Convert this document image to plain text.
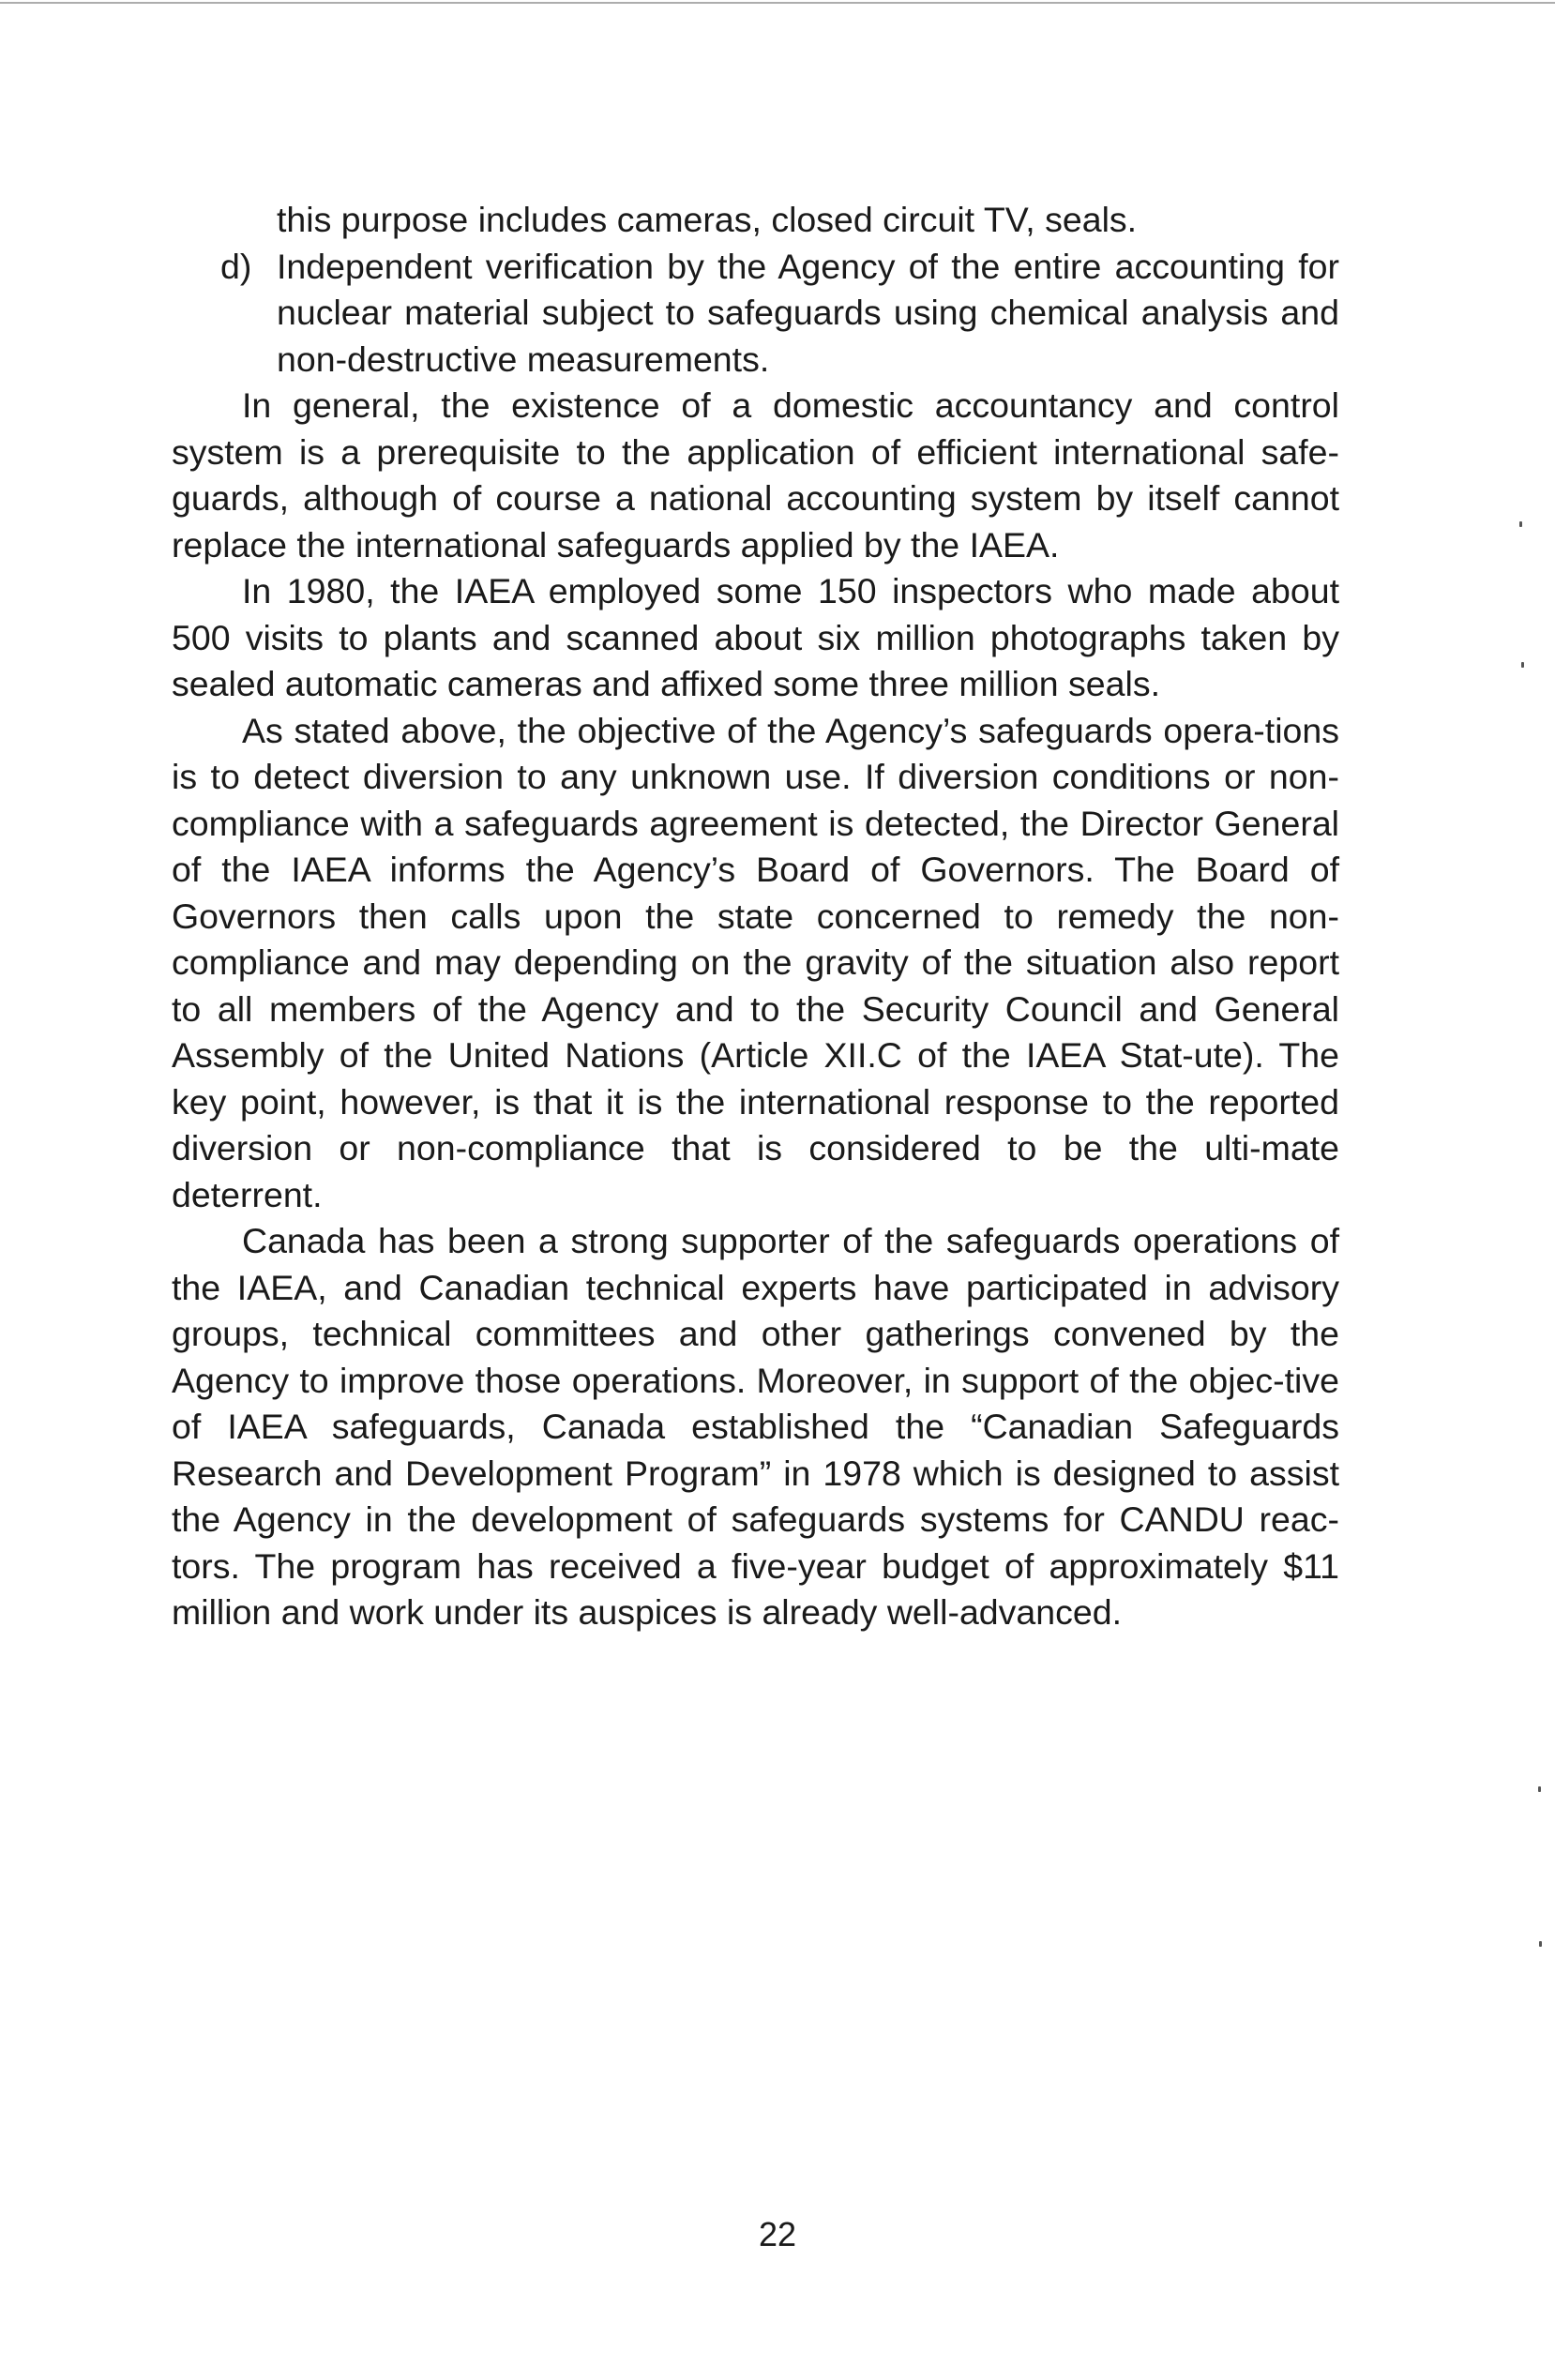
this purpose includes cameras, closed circuit TV, seals.
d) Independent verification by the Agency of the entire accounting for nuclear material subject to safeguards using chemical analysis and non-destructive measurements.

In general, the existence of a domestic accountancy and control system is a prerequisite to the application of efficient international safe-guards, although of course a national accounting system by itself cannot replace the international safeguards applied by the IAEA.

In 1980, the IAEA employed some 150 inspectors who made about 500 visits to plants and scanned about six million photographs taken by sealed automatic cameras and affixed some three million seals.

As stated above, the objective of the Agency’s safeguards opera-tions is to detect diversion to any unknown use. If diversion conditions or non-compliance with a safeguards agreement is detected, the Director General of the IAEA informs the Agency’s Board of Governors. The Board of Governors then calls upon the state concerned to remedy the non-compliance and may depending on the gravity of the situation also report to all members of the Agency and to the Security Council and General Assembly of the United Nations (Article XII.C of the IAEA Stat-ute). The key point, however, is that it is the international response to the reported diversion or non-compliance that is considered to be the ulti-mate deterrent.

Canada has been a strong supporter of the safeguards operations of the IAEA, and Canadian technical experts have participated in advisory groups, technical committees and other gatherings convened by the Agency to improve those operations. Moreover, in support of the objec-tive of IAEA safeguards, Canada established the “Canadian Safeguards Research and Development Program” in 1978 which is designed to assist the Agency in the development of safeguards systems for CANDU reac-tors. The program has received a five-year budget of approximately $11 million and work under its auspices is already well-advanced.

22
